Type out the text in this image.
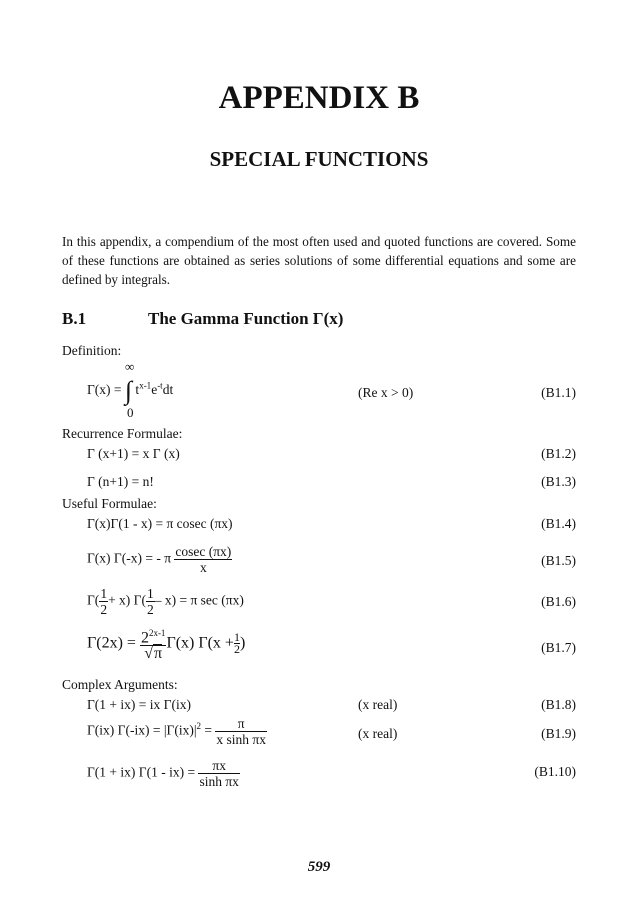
APPENDIX B
SPECIAL FUNCTIONS
In this appendix, a compendium of the most often used and quoted functions are covered. Some of these functions are obtained as series solutions of some differential equations and some are defined by integrals.
B.1	The Gamma Function Γ(x)
Definition:
∞
Γ(x) = ∫ $t^{x-1}e^{-t}dt$
0
(Re x > 0)	(B1.1)
Recurrence Formulae:
Γ (x+1) = x Γ (x)	(B1.2)
Γ (n+1) = n!	(B1.3)
Useful Formulae:
Γ(x)Γ(1 - x) = π cosec (πx)	(B1.4)
Γ(x) Γ(-x) = - π $\frac{cosec (\pi x)}{x}$	(B1.5)
$\Gamma( \frac{1}{2} + x)$ $\Gamma( \frac{1}{2} - x) = \pi$ sec (πx)	(B1.6)
$\Gamma(2x) = \frac{2^{2x-1}}{√\pi} \Gamma(x) \Gamma(x + \frac{1}{2}$ )	(B1.7)
Complex Arguments:
Γ(1 + ix) = ix Γ(ix)	(x real)	(B1.8)
Γ(ix) $\Gamma(-ix) = |\Gamma(ix)|^2 = \frac{\pi}{\text{x sinh πx}}$	(x real)	(B1.9)
Γ(1 + ix) $\Gamma(1 - ix) = \frac{\pi x}{\text{sinh πx}}$	(B1.10)
599
